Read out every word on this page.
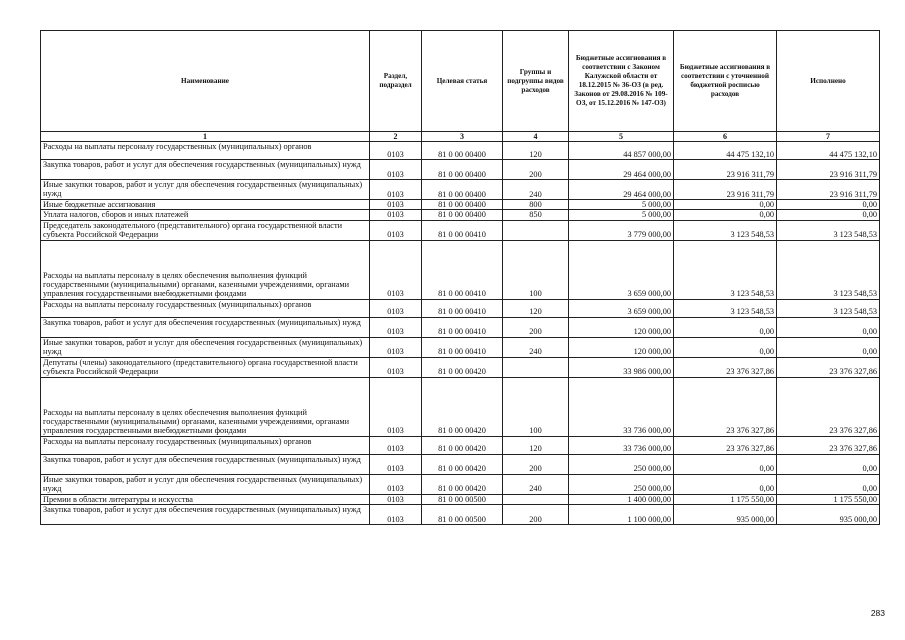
Наименование	Раздел, подраздел	Целевая статья	Группы и подгруппы видов расходов	Бюджетные ассигнования в соответствии с Законом Калужской области от 18.12.2015 № 36-ОЗ (в ред. Законов от 29.08.2016 № 109-ОЗ, от 15.12.2016 № 147-ОЗ)	Бюджетные ассигнования в соответствии с уточненной бюджетной росписью расходов	Исполнено
1	2	3	4	5	6	7
Расходы на выплаты персоналу государственных (муниципальных) органов	0103	81 0 00 00400	120	44 857 000,00	44 475 132,10	44 475 132,10
Закупка товаров, работ и услуг для обеспечения государственных (муниципальных) нужд	0103	81 0 00 00400	200	29 464 000,00	23 916 311,79	23 916 311,79
Иные закупки товаров, работ и услуг для обеспечения государственных (муниципальных) нужд	0103	81 0 00 00400	240	29 464 000,00	23 916 311,79	23 916 311,79
Иные бюджетные ассигнования	0103	81 0 00 00400	800	5 000,00	0,00	0,00
Уплата налогов, сборов и иных платежей	0103	81 0 00 00400	850	5 000,00	0,00	0,00
Председатель законодательного (представительного) органа государственной власти субъекта Российской Федерации	0103	81 0 00 00410		3 779 000,00	3 123 548,53	3 123 548,53
Расходы на выплаты персоналу в целях обеспечения выполнения функций государственными (муниципальными) органами, казенными учреждениями, органами управления государственными внебюджетными фондами	0103	81 0 00 00410	100	3 659 000,00	3 123 548,53	3 123 548,53
Расходы на выплаты персоналу государственных (муниципальных) органов	0103	81 0 00 00410	120	3 659 000,00	3 123 548,53	3 123 548,53
Закупка товаров, работ и услуг для обеспечения государственных (муниципальных) нужд	0103	81 0 00 00410	200	120 000,00	0,00	0,00
Иные закупки товаров, работ и услуг для обеспечения государственных (муниципальных) нужд	0103	81 0 00 00410	240	120 000,00	0,00	0,00
Депутаты (члены) законодательного (представительного) органа государственной власти субъекта Российской Федерации	0103	81 0 00 00420		33 986 000,00	23 376 327,86	23 376 327,86
Расходы на выплаты персоналу в целях обеспечения выполнения функций государственными (муниципальными) органами, казенными учреждениями, органами управления государственными внебюджетными фондами	0103	81 0 00 00420	100	33 736 000,00	23 376 327,86	23 376 327,86
Расходы на выплаты персоналу государственных (муниципальных) органов	0103	81 0 00 00420	120	33 736 000,00	23 376 327,86	23 376 327,86
Закупка товаров, работ и услуг для обеспечения государственных (муниципальных) нужд	0103	81 0 00 00420	200	250 000,00	0,00	0,00
Иные закупки товаров, работ и услуг для обеспечения государственных (муниципальных) нужд	0103	81 0 00 00420	240	250 000,00	0,00	0,00
Премии в области литературы и искусства	0103	81 0 00 00500		1 400 000,00	1 175 550,00	1 175 550,00
Закупка товаров, работ и услуг для обеспечения государственных (муниципальных) нужд	0103	81 0 00 00500	200	1 100 000,00	935 000,00	935 000,00
283
